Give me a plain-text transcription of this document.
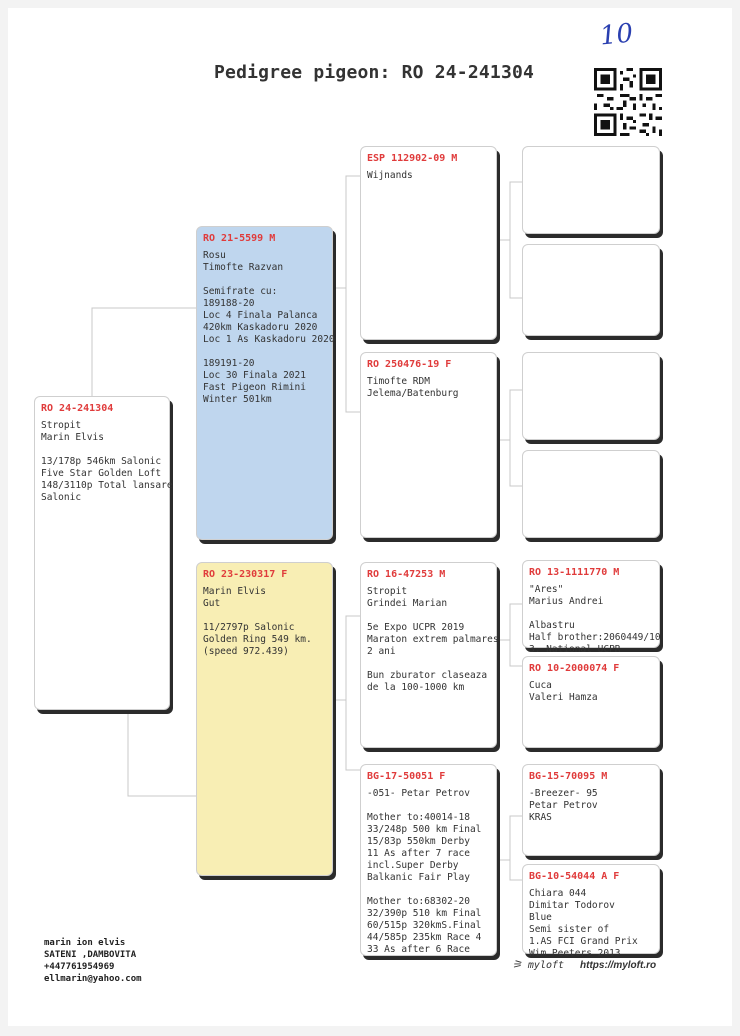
10
Pedigree pigeon: RO 24-241304
RO 24-241304
Stropit
Marin Elvis
13/178p 546km Salonic
Five Star Golden Loft
148/3110p Total lansare
Salonic
RO 21-5599 M
Rosu
Timofte Razvan
Semifrate cu:
189188-20
Loc 4 Finala Palanca
420km Kaskadoru 2020
Loc 1 As Kaskadoru 2020
189191-20
Loc 30 Finala 2021
Fast Pigeon Rimini
Winter 501km
RO 23-230317 F
Marin Elvis
Gut
11/2797p Salonic
Golden Ring 549 km.
(speed 972.439)
ESP 112902-09 M
Wijnands
RO 250476-19 F
Timofte RDM
Jelema/Batenburg
RO 16-47253 M
Stropit
Grindei Marian
5e Expo UCPR 2019
Maraton extrem palmares
2 ani
Bun zburator claseaza
de la 100-1000 km
BG-17-50051 F
-051- Petar Petrov
Mother to:40014-18
33/248p 500 km Final
15/83p 550km Derby
11 As after 7 race
incl.Super Derby
Balkanic Fair Play
Mother to:68302-20
32/390p 510 km Final
60/515p 320kmS.Final
44/585p 235km Race 4
33 As after 6 Race
RO 13-1111770 M
"Ares"
Marius Andrei
Albastru
Half brother:2060449/10
3. National UCPR
RO 10-2000074 F
Cuca
Valeri Hamza
BG-15-70095 M
-Breezer- 95
Petar Petrov
KRAS
BG-10-54044 A F
Chiara 044
Dimitar Todorov
Blue
Semi sister of
1.AS FCI Grand Prix
Wim Peeters 2013
marin ion elvis
SATENI ,DAMBOVITA
+447761954969
ellmarin@yahoo.com
⚞ myloft https://myloft.ro
